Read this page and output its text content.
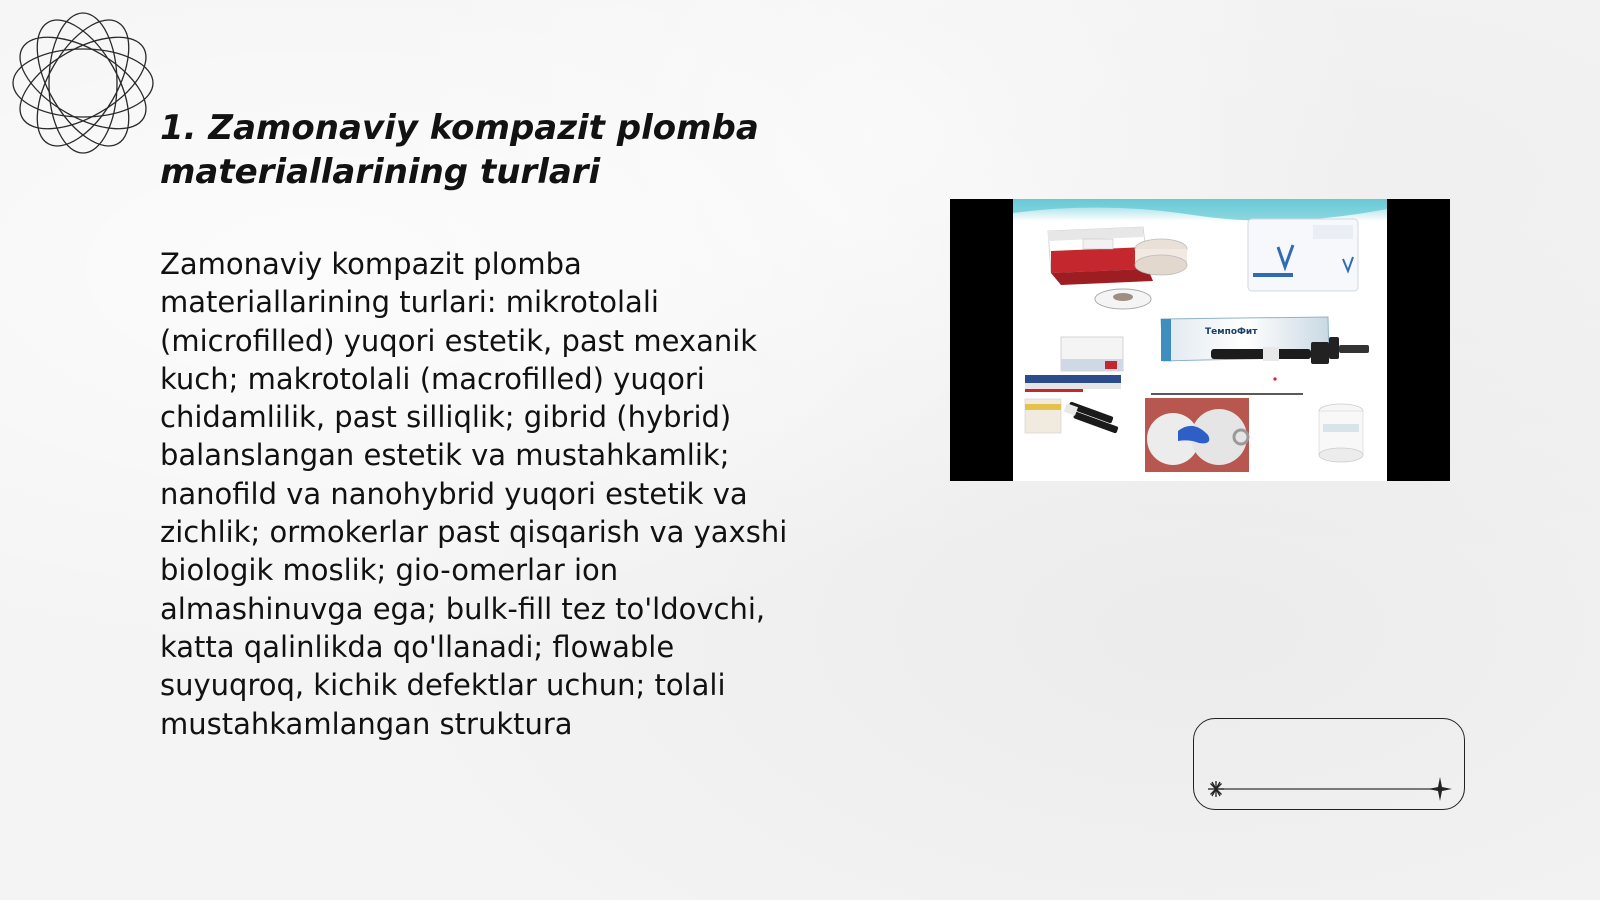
1. Zamonaviy kompazit plomba materiallarining turlari

Zamonaviy kompazit plomba materiallarining turlari: mikrotolali (microfilled) yuqori estetik, past mexanik kuch; makrotolali (macrofilled) yuqori chidamlilik, past silliqlik; gibrid (hybrid) balanslangan estetik va mustahkamlik; nanofild va nanohybrid yuqori estetik va zichlik; ormokerlar past qisqarish va yaxshi biologik moslik; gio-omerlar ion almashinuvga ega; bulk-fill tez to'ldovchi, katta qalinlikda qo'llanadi; flowable suyuqroq, kichik defektlar uchun; tolali mustahkamlangan struktura

ТемпоФит
